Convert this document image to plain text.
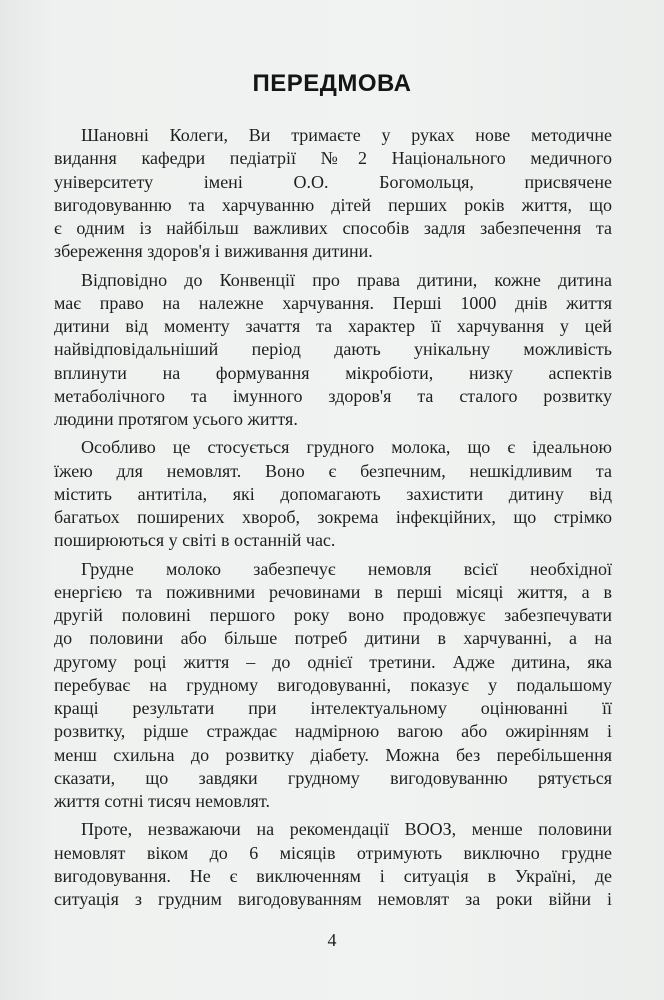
ПЕРЕДМОВА
Шановні Колеги, Ви тримаєте у руках нове методичне
видання кафедри педіатрії №2 Національного медичного
університету імені О.О. Богомольця, присвячене
вигодовуванню та харчуванню дітей перших років життя, що
є одним із найбільш важливих способів задля забезпечення та
збереження здоров'я і виживання дитини.
Відповідно до Конвенції про права дитини, кожне дитина
має право на належне харчування. Перші 1000 днів життя
дитини від моменту зачаття та характер її харчування у цей
найвідповідальніший період дають унікальну можливість
вплинути на формування мікробіоти, низку аспектів
метаболічного та імунного здоров'я та сталого розвитку
людини протягом усього життя.
Особливо це стосується грудного молока, що є ідеальною
їжею для немовлят. Воно є безпечним, нешкідливим та
містить антитіла, які допомагають захистити дитину від
багатьох поширених хвороб, зокрема інфекційних, що стрімко
поширюються у світі в останній час.
Грудне молоко забезпечує немовля всієї необхідної
енергією та поживними речовинами в перші місяці життя, а в
другій половині першого року воно продовжує забезпечувати
до половини або більше потреб дитини в харчуванні, а на
другому році життя – до однієї третини. Адже дитина, яка
перебуває на грудному вигодовуванні, показує у подальшому
кращі результати при інтелектуальному оцінюванні її
розвитку, рідше страждає надмірною вагою або ожирінням і
менш схильна до розвитку діабету. Можна без перебільшення
сказати, що завдяки грудному вигодовуванню рятується
життя сотні тисяч немовлят.
Проте, незважаючи на рекомендації ВООЗ, менше половини
немовлят віком до 6 місяців отримують виключно грудне
вигодовування. Не є виключенням і ситуація в Україні, де
ситуація з грудним вигодовуванням немовлят за роки війни і
4
